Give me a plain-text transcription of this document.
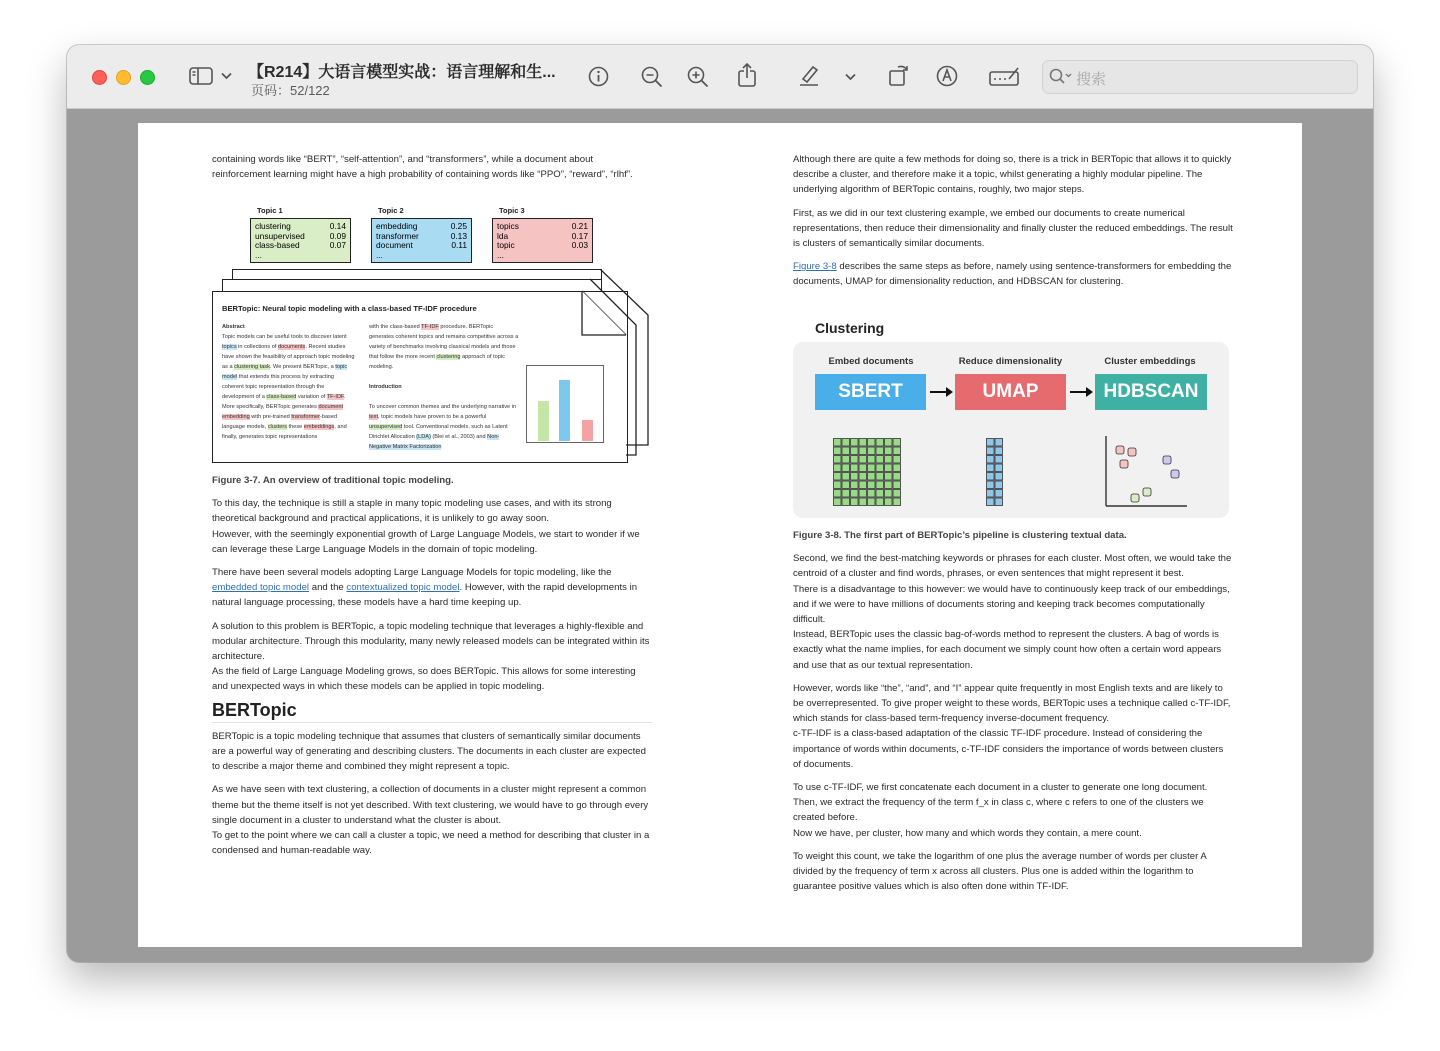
【R214】大语言模型实战：语言理解和生...
页码：52/122
搜索

containing words like “BERT”, “self-attention”, and “transformers”, while a document about reinforcement learning might have a high probability of containing words like “PPO”, “reward”, “rlhf”.

Topic 1	Topic 2	Topic 3
clustering	0.14
unsupervised	0.09
class-based	0.07
...
embedding	0.25
transformer	0.13
document	0.11
...
topics	0.21
lda	0.17
topic	0.03
...
BERTopic: Neural topic modeling with a class-based TF-IDF procedure
Abstract
Topic models can be useful tools to discover latent topics in collections of documents. Recent studies have shown the feasibility of approach topic modeling as a clustering task. We present BERTopic, a topic model that extends this process by extracting coherent topic representation through the development of a class-based variation of TF-IDF. More specifically, BERTopic generates document embedding with pre-trained transformer-based language models, clusters these embeddings, and finally, generates topic representations
with the class-based TF-IDF procedure. BERTopic generates coherent topics and remains competitive across a variety of benchmarks involving classical models and those that follow the more recent clustering approach of topic modeling.
Introduction
To uncover common themes and the underlying narrative in text, topic models have proven to be a powerful unsupervised tool. Conventional models, such as Latent Dirichlet Allocation (LDA) (Blei et al., 2003) and Non-Negative Matrix Factorization

Figure 3-7. An overview of traditional topic modeling.

To this day, the technique is still a staple in many topic modeling use cases, and with its strong theoretical background and practical applications, it is unlikely to go away soon.

However, with the seemingly exponential growth of Large Language Models, we start to wonder if we can leverage these Large Language Models in the domain of topic modeling.

There have been several models adopting Large Language Models for topic modeling, like the embedded topic model and the contextualized topic model. However, with the rapid developments in natural language processing, these models have a hard time keeping up.

A solution to this problem is BERTopic, a topic modeling technique that leverages a highly-flexible and modular architecture. Through this modularity, many newly released models can be integrated within its architecture.

As the field of Large Language Modeling grows, so does BERTopic. This allows for some interesting and unexpected ways in which these models can be applied in topic modeling.

BERTopic

BERTopic is a topic modeling technique that assumes that clusters of semantically similar documents are a powerful way of generating and describing clusters. The documents in each cluster are expected to describe a major theme and combined they might represent a topic.

As we have seen with text clustering, a collection of documents in a cluster might represent a common theme but the theme itself is not yet described. With text clustering, we would have to go through every single document in a cluster to understand what the cluster is about.

To get to the point where we can call a cluster a topic, we need a method for describing that cluster in a condensed and human-readable way.

Although there are quite a few methods for doing so, there is a trick in BERTopic that allows it to quickly describe a cluster, and therefore make it a topic, whilst generating a highly modular pipeline. The underlying algorithm of BERTopic contains, roughly, two major steps.

First, as we did in our text clustering example, we embed our documents to create numerical representations, then reduce their dimensionality and finally cluster the reduced embeddings. The result is clusters of semantically similar documents.

Figure 3-8 describes the same steps as before, namely using sentence-transformers for embedding the documents, UMAP for dimensionality reduction, and HDBSCAN for clustering.

Clustering
Embed documents	Reduce dimensionality	Cluster embeddings
SBERT	UMAP	HDBSCAN

Figure 3-8. The first part of BERTopic’s pipeline is clustering textual data.

Second, we find the best-matching keywords or phrases for each cluster. Most often, we would take the centroid of a cluster and find words, phrases, or even sentences that might represent it best.

There is a disadvantage to this however: we would have to continuously keep track of our embeddings, and if we were to have millions of documents storing and keeping track becomes computationally difficult.

Instead, BERTopic uses the classic bag-of-words method to represent the clusters. A bag of words is exactly what the name implies, for each document we simply count how often a certain word appears and use that as our textual representation.

However, words like “the”, “and”, and “I” appear quite frequently in most English texts and are likely to be overrepresented. To give proper weight to these words, BERTopic uses a technique called c-TF-IDF, which stands for class-based term-frequency inverse-document frequency.

c-TF-IDF is a class-based adaptation of the classic TF-IDF procedure. Instead of considering the importance of words within documents, c-TF-IDF considers the importance of words between clusters of documents.

To use c-TF-IDF, we first concatenate each document in a cluster to generate one long document. Then, we extract the frequency of the term f_x in class c, where c refers to one of the clusters we created before.

Now we have, per cluster, how many and which words they contain, a mere count.

To weight this count, we take the logarithm of one plus the average number of words per cluster A divided by the frequency of term x across all clusters. Plus one is added within the logarithm to guarantee positive values which is also often done within TF-IDF.
